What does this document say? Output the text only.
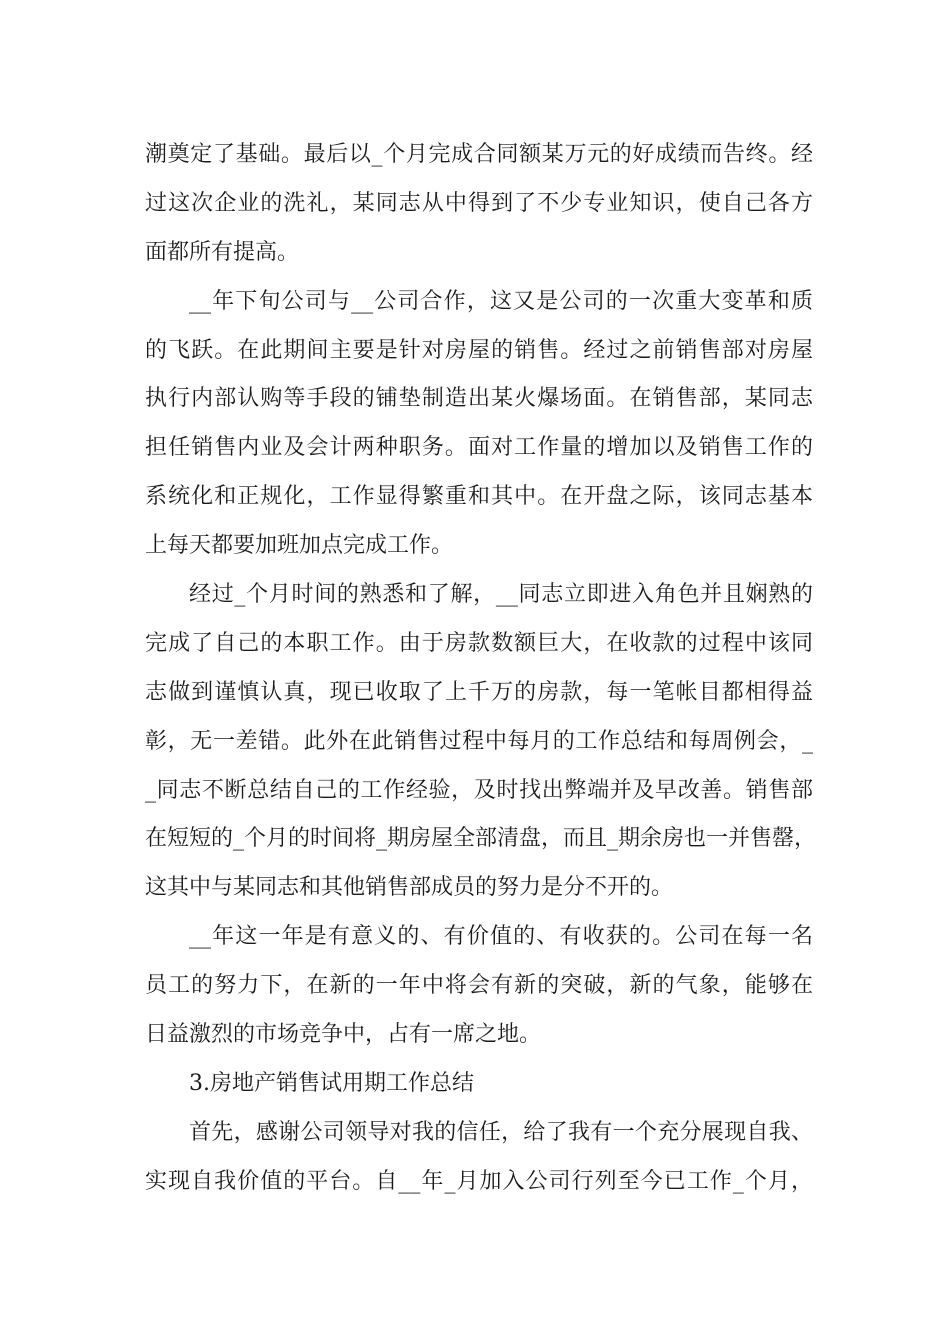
潮奠定了基础。最后以_个月完成合同额某万元的好成绩而告终。经
过这次企业的洗礼，某同志从中得到了不少专业知识，使自己各方
面都所有提高。
__年下旬公司与__公司合作，这又是公司的一次重大变革和质
的飞跃。在此期间主要是针对房屋的销售。经过之前销售部对房屋
执行内部认购等手段的铺垫制造出某火爆场面。在销售部，某同志
担任销售内业及会计两种职务。面对工作量的增加以及销售工作的
系统化和正规化，工作显得繁重和其中。在开盘之际，该同志基本
上每天都要加班加点完成工作。
经过_个月时间的熟悉和了解，__同志立即进入角色并且娴熟的
完成了自己的本职工作。由于房款数额巨大，在收款的过程中该同
志做到谨慎认真，现已收取了上千万的房款，每一笔帐目都相得益
彰，无一差错。此外在此销售过程中每月的工作总结和每周例会，_
_同志不断总结自己的工作经验，及时找出弊端并及早改善。销售部
在短短的_个月的时间将_期房屋全部清盘，而且_期余房也一并售罄，
这其中与某同志和其他销售部成员的努力是分不开的。
__年这一年是有意义的、有价值的、有收获的。公司在每一名
员工的努力下，在新的一年中将会有新的突破，新的气象，能够在
日益激烈的市场竞争中，占有一席之地。
3.房地产销售试用期工作总结
首先，感谢公司领导对我的信任，给了我有一个充分展现自我、
实现自我价值的平台。自__年_月加入公司行列至今已工作_个月，
